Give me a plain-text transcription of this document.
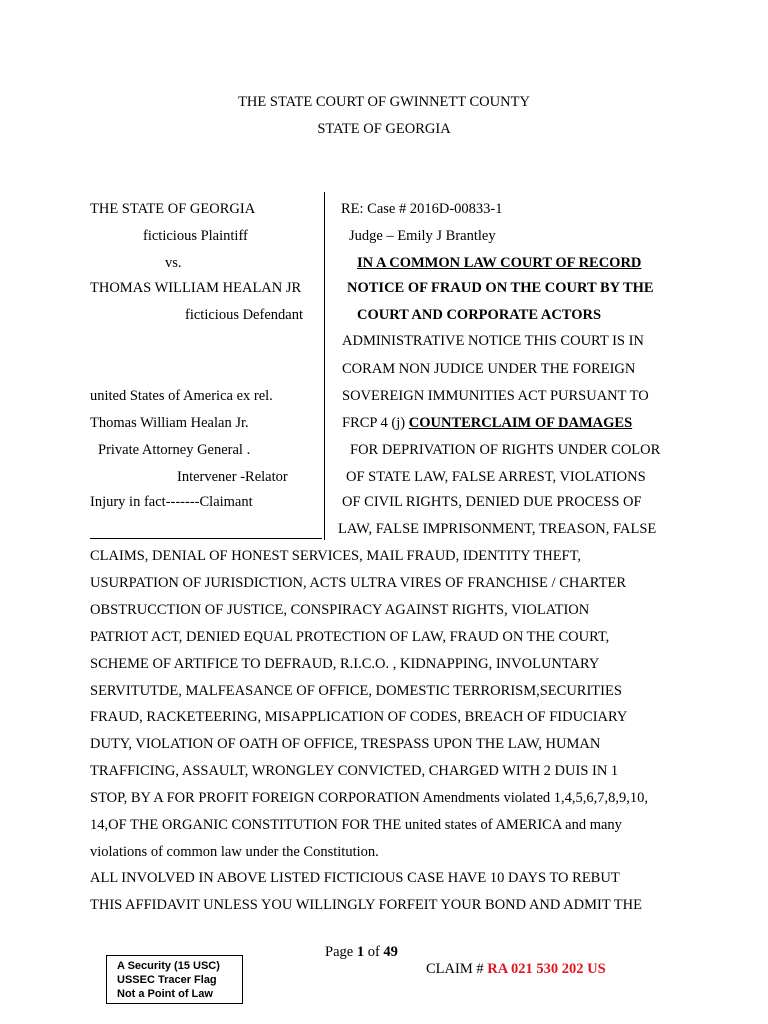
THE STATE COURT OF GWINNETT COUNTY
STATE OF GEORGIA
THE STATE OF GEORGIA
ficticious Plaintiff
vs.
THOMAS WILLIAM HEALAN JR
ficticious Defendant
united States of America ex rel.
Thomas William Healan Jr.
Private Attorney General .
Intervener -Relator
Injury in fact-------Claimant
RE: Case # 2016D-00833-1
Judge – Emily J Brantley
IN A COMMON LAW COURT OF RECORD
NOTICE OF FRAUD ON THE COURT BY THE
COURT AND CORPORATE ACTORS
ADMINISTRATIVE NOTICE THIS COURT IS IN
CORAM NON JUDICE UNDER THE FOREIGN
SOVEREIGN IMMUNITIES ACT PURSUANT TO
FRCP 4 (j) COUNTERCLAIM OF DAMAGES
FOR DEPRIVATION OF RIGHTS UNDER COLOR
OF STATE LAW, FALSE ARREST, VIOLATIONS
OF CIVIL RIGHTS, DENIED DUE PROCESS OF
LAW, FALSE IMPRISONMENT, TREASON, FALSE
CLAIMS, DENIAL OF HONEST SERVICES, MAIL FRAUD, IDENTITY THEFT,
USURPATION OF JURISDICTION, ACTS ULTRA VIRES OF FRANCHISE / CHARTER
OBSTRUCCTION OF JUSTICE, CONSPIRACY AGAINST RIGHTS, VIOLATION
PATRIOT ACT, DENIED EQUAL PROTECTION OF LAW, FRAUD ON THE COURT,
SCHEME OF ARTIFICE TO DEFRAUD, R.I.C.O. , KIDNAPPING, INVOLUNTARY
SERVITUTDE, MALFEASANCE OF OFFICE, DOMESTIC TERRORISM,SECURITIES
FRAUD, RACKETEERING, MISAPPLICATION OF CODES, BREACH OF FIDUCIARY
DUTY, VIOLATION OF OATH OF OFFICE, TRESPASS UPON THE LAW, HUMAN
TRAFFICING, ASSAULT, WRONGLEY CONVICTED, CHARGED WITH 2 DUIS IN 1
STOP, BY A FOR PROFIT FOREIGN CORPORATION Amendments violated 1,4,5,6,7,8,9,10,
14,OF THE ORGANIC CONSTITUTION FOR THE united states of AMERICA and many
violations of common law under the Constitution.
ALL INVOLVED IN ABOVE LISTED FICTICIOUS CASE HAVE 10 DAYS TO REBUT
THIS AFFIDAVIT UNLESS YOU WILLINGLY FORFEIT YOUR BOND AND ADMIT THE
Page 1 of 49
A Security (15 USC)
USSEC Tracer Flag
Not a Point of Law
CLAIM # RA 021 530 202 US
